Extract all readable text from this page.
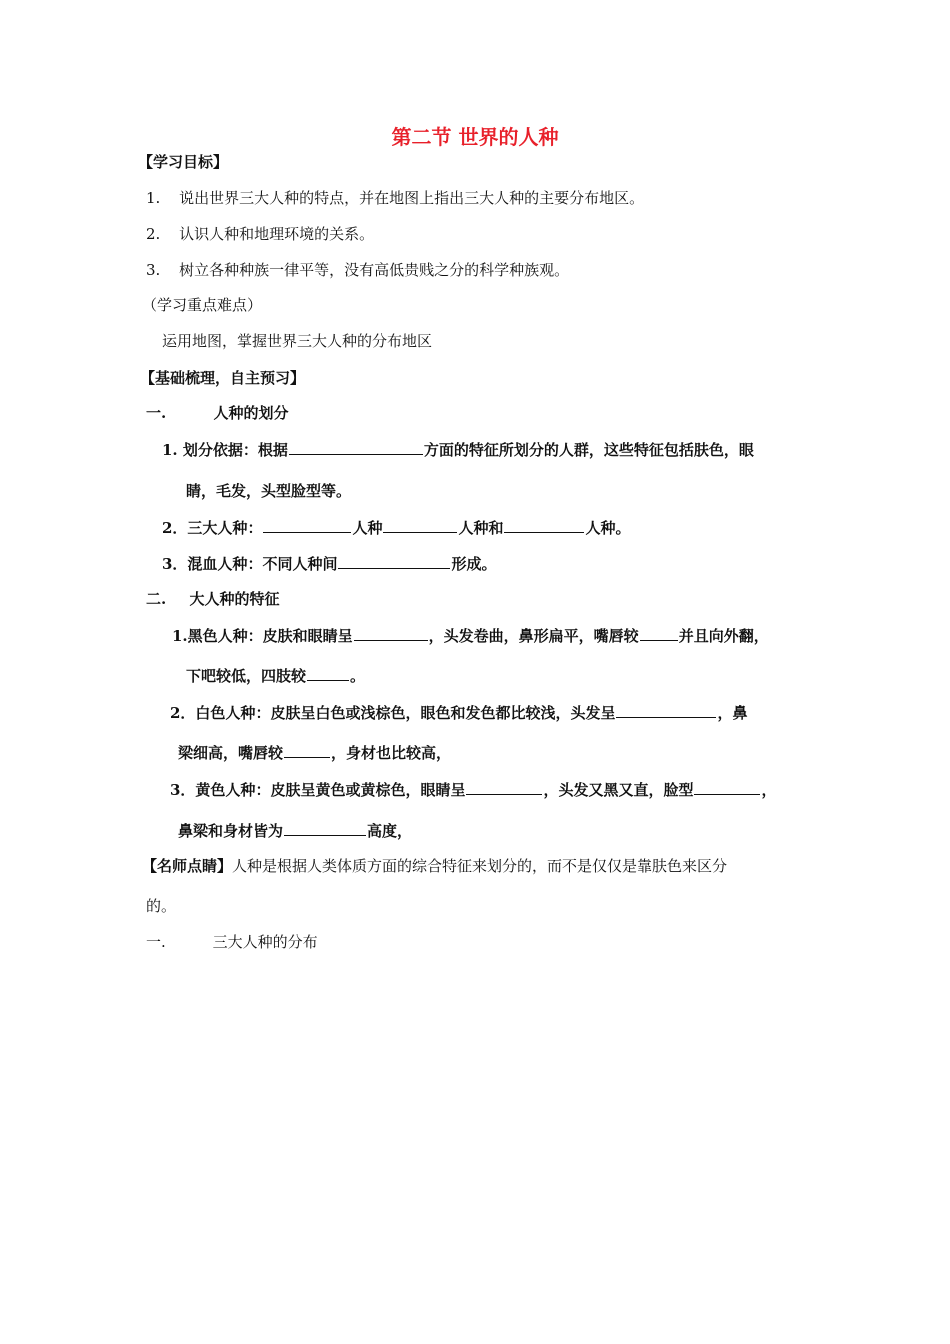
第二节 世界的人种
【学习目标】
1. 说出世界三大人种的特点，并在地图上指出三大人种的主要分布地区。
2. 认识人种和地理环境的关系。
3. 树立各种种族一律平等，没有高低贵贱之分的科学种族观。
（学习重点难点）
运用地图，掌握世界三大人种的分布地区
【基础梳理，自主预习】
一.	人种的划分
1. 划分依据：根据	方面的特征所划分的人群，这些特征包括肤色，眼
睛，毛发，头型脸型等。
2．三大人种：	人种	人种和	人种。
3．混血人种：不同人种间	形成。
二. 大人种的特征
1.黑色人种：皮肤和眼睛呈	，头发卷曲，鼻形扁平，嘴唇较	并且向外翻，
下吧较低，四肢较	。
2．白色人种：皮肤呈白色或浅棕色，眼色和发色都比较浅，头发呈	，鼻
梁细高，嘴唇较	，身材也比较高，
3．黄色人种：皮肤呈黄色或黄棕色，眼睛呈	，头发又黑又直，脸型	，
鼻梁和身材皆为	高度，
【名师点睛】人种是根据人类体质方面的综合特征来划分的，而不是仅仅是靠肤色来区分
的。
一.	三大人种的分布
